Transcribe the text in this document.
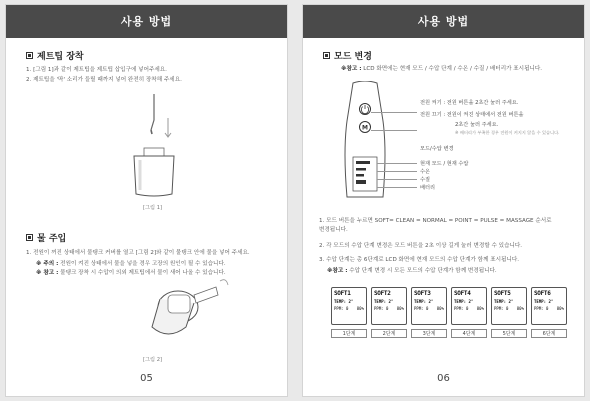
사용 방법
제트팁 장착
1. [그림 1]과 같이 제트팁을 제트팁 삽입구에 넣어주세요.
2. 제트팁을 '딱' 소리가 들릴 때까지 넣어 완전히 장착해 주세요.
[그림 1]
물 주입
1. 전원이 꺼진 상태에서 물탱크 커버를 열고 [그림 2]와 같이 물탱크 안에 물을 넣어 주세요.
※ 주의 : 전원이 켜진 상태에서 물을 넣을 경우 고장의 원인이 될 수 있습니다.
※ 참고 : 물탱크 장착 시 수압이 의외 제트팁에서 물이 새어 나올 수 있습니다.
[그림 2]
05
사용 방법
모드 변경
※참고 : LCD 화면에는 현재 모드 / 수압 단계 / 수온 / 수질 / 배터리가 표시됩니다.
M
전원 켜기 : 전원 버튼을 2초간 눌러 주세요.
전원 끄기 : 전원이 켜진 상태에서 전원 버튼을
2초간 눌러 주세요.
※ 배터리가 부족한 경우 전원이 켜지지 않을 수 있습니다.
모드/수압 변경
현재 모드 / 현재 수압
수온
수질
배터리
1. 모드 버튼을 누르면 SOFT= CLEAN = NORMAL = POINT = PULSE = MASSAGE 순서로
변경됩니다.
2. 각 모드의 수압 단계 변경은 모드 버튼을 2초 이상 길게 눌러 변경할 수 있습니다.
3. 수압 단계는 총 6단계로 LCD 화면에 현재 모드의 수압 단계가 함께 표시됩니다.
※참고 : 수압 단계 변경 시 모든 모드의 수압 단계가 함께 변경됩니다.
SOFT1
TEMP: 2°
PPM: 0 80%
1단계
SOFT2
TEMP: 2°
PPM: 0 80%
2단계
SOFT3
TEMP: 2°
PPM: 0 80%
3단계
SOFT4
TEMP: 2°
PPM: 0 80%
4단계
SOFT5
TEMP: 2°
PPM: 0 80%
5단계
SOFT6
TEMP: 2°
PPM: 0 80%
6단계
06
